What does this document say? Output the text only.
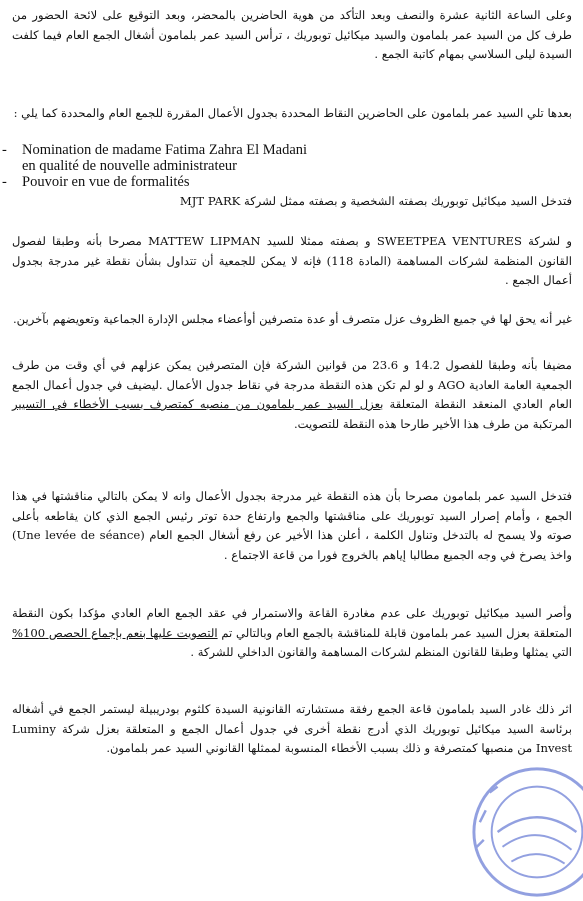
وعلى الساعة الثانية عشرة والنصف وبعد التأكد من هوية الحاضرين بالمحضر، وبعد التوقيع على لائحة الحضور من طرف كل من السيد عمر بلمامون والسيد ميكائيل توبوريك ، ترأس السيد عمر بلمامون أشغال الجمع العام فيما كلفت السيدة ليلى السلاسي بمهام كاتبة الجمع .

بعدها تلي السيد عمر بلمامون على الحاضرين النقاط المحددة بجدول الأعمال المقررة للجمع العام والمحددة كما يلي :

- Nomination de madame Fatima Zahra El Madani en qualité de nouvelle administrateur
- Pouvoir en vue de formalités

فتدخل السيد ميكائيل توبوريك بصفته الشخصية و بصفته ممثل لشركة MJT PARK

و لشركة SWEETPEA VENTURES و بصفته ممثلا للسيد MATTEW LIPMAN مصرحا بأنه وطبقا لفصول القانون المنظمة لشركات المساهمة (المادة 118) فإنه لا يمكن للجمعية أن تتداول بشأن نقطة غير مدرجة بجدول أعمال الجمع .

غير أنه يحق لها في جميع الظروف عزل متصرف أو عدة متصرفين أوأعضاء مجلس الإدارة الجماعية وتعويضهم بآخرين.

مضيفا بأنه وطبقا للفصول 14.2 و 23.6 من قوانين الشركة فإن المتصرفين يمكن عزلهم في أي وقت من طرف الجمعية العامة العادية AGO و لو لم تكن هذه النقطة مدرجة في نقاط جدول الأعمال .ليضيف في جدول أعمال الجمع العام العادي المنعقد النقطة المتعلقة بعزل السيد عمر بلمامون من منصبه كمتصرف بسبب الأخطاء في التسيير المرتكبة من طرف هذا الأخير طارحا هذه النقطة للتصويت.

فتدخل السيد عمر بلمامون مصرحا بأن هذه النقطة غير مدرجة بجدول الأعمال وانه لا يمكن بالتالي مناقشتها في هذا الجمع ، وأمام إصرار السيد توبوريك على مناقشتها والجمع وارتفاع حدة توتر رئيس الجمع الذي كان يقاطعه بأعلى صوته ولا يسمح له بالتدخل وتناول الكلمة ، أعلن هذا الأخير عن رفع أشغال الجمع العام (Une levée de séance) واخذ يصرخ في وجه الجميع مطالبا إياهم بالخروج فورا من قاعة الاجتماع .

وأصر السيد ميكائيل توبوريك على عدم مغادرة القاعة والاستمرار في عقد الجمع العام العادي مؤكدا بكون النقطة المتعلقة بعزل السيد عمر بلمامون قابلة للمناقشة بالجمع العام وبالتالي تم التصويت عليها بنعم بإجماع الحصص 100% التي يمثلها وطبقا للقانون المنظم لشركات المساهمة والقانون الداخلي للشركة .

اثر ذلك غادر السيد بلمامون قاعة الجمع رفقة مستشارته القانونية السيدة كلثوم بودريبيلة ليستمر الجمع في أشغاله برئاسة السيد ميكائيل توبوريك الذي أدرج نقطة أخرى في جدول أعمال الجمع و المتعلقة بعزل شركة Luminy Invest من منصبها كمتصرفة و ذلك بسبب الأخطاء المنسوبة لممثلها القانوني السيد عمر بلمامون.
